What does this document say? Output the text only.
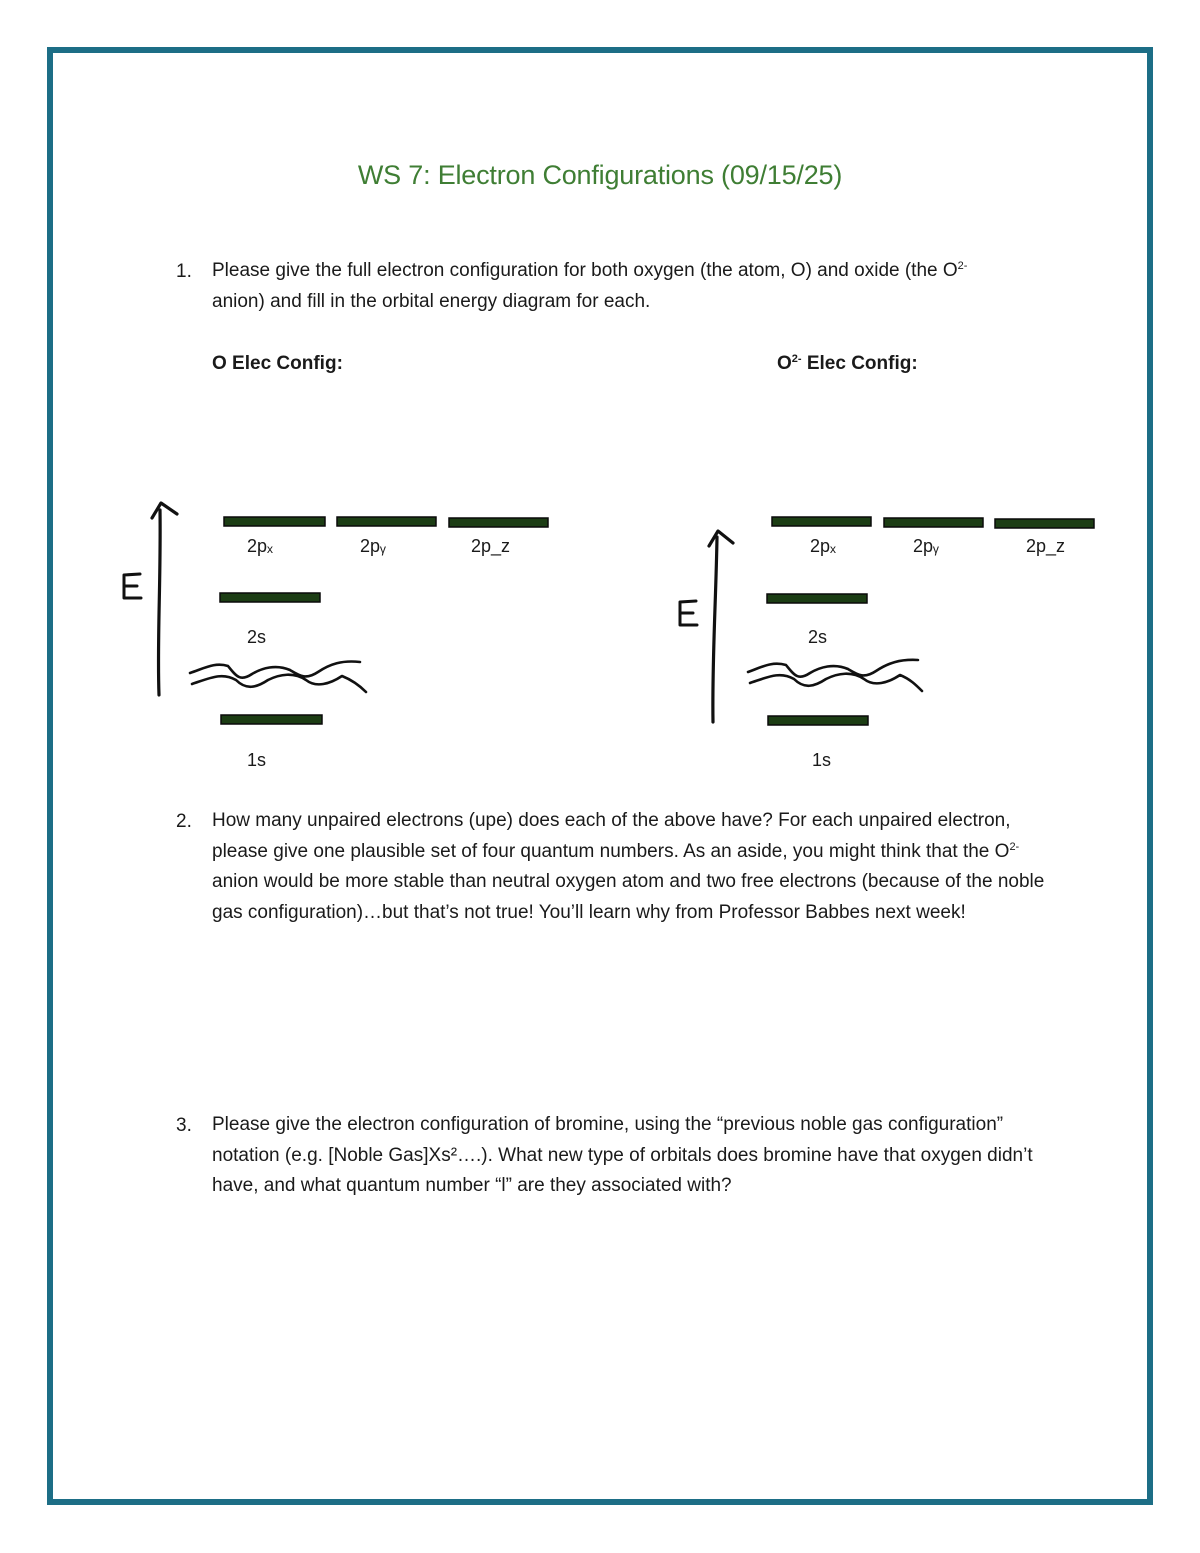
WS 7: Electron Configurations (09/15/25)
1. Please give the full electron configuration for both oxygen (the atom, O) and oxide (the $O^{2-}$

anion) and fill in the orbital energy diagram for each.

O Elec Config:	$O^{2-}$ Elec Config:
2pₓ	2pᵧ	2p_z
2s
1s
2pₓ	2pᵧ	2p_z
2s
1s
2. How many unpaired electrons (upe) does each of the above have? For each unpaired electron, please give one plausible set of four quantum numbers. As an aside, you might think that the $O^{2-}$ anion would be more stable than neutral oxygen atom and two free electrons (because of the noble gas configuration)…but that’s not true! You’ll learn why from Professor Babbes next week!
3. Please give the electron configuration of bromine, using the “previous noble gas configuration” notation (e.g. [Noble Gas]Xs²….). What new type of orbitals does bromine have that oxygen didn’t have, and what quantum number “l” are they associated with?
